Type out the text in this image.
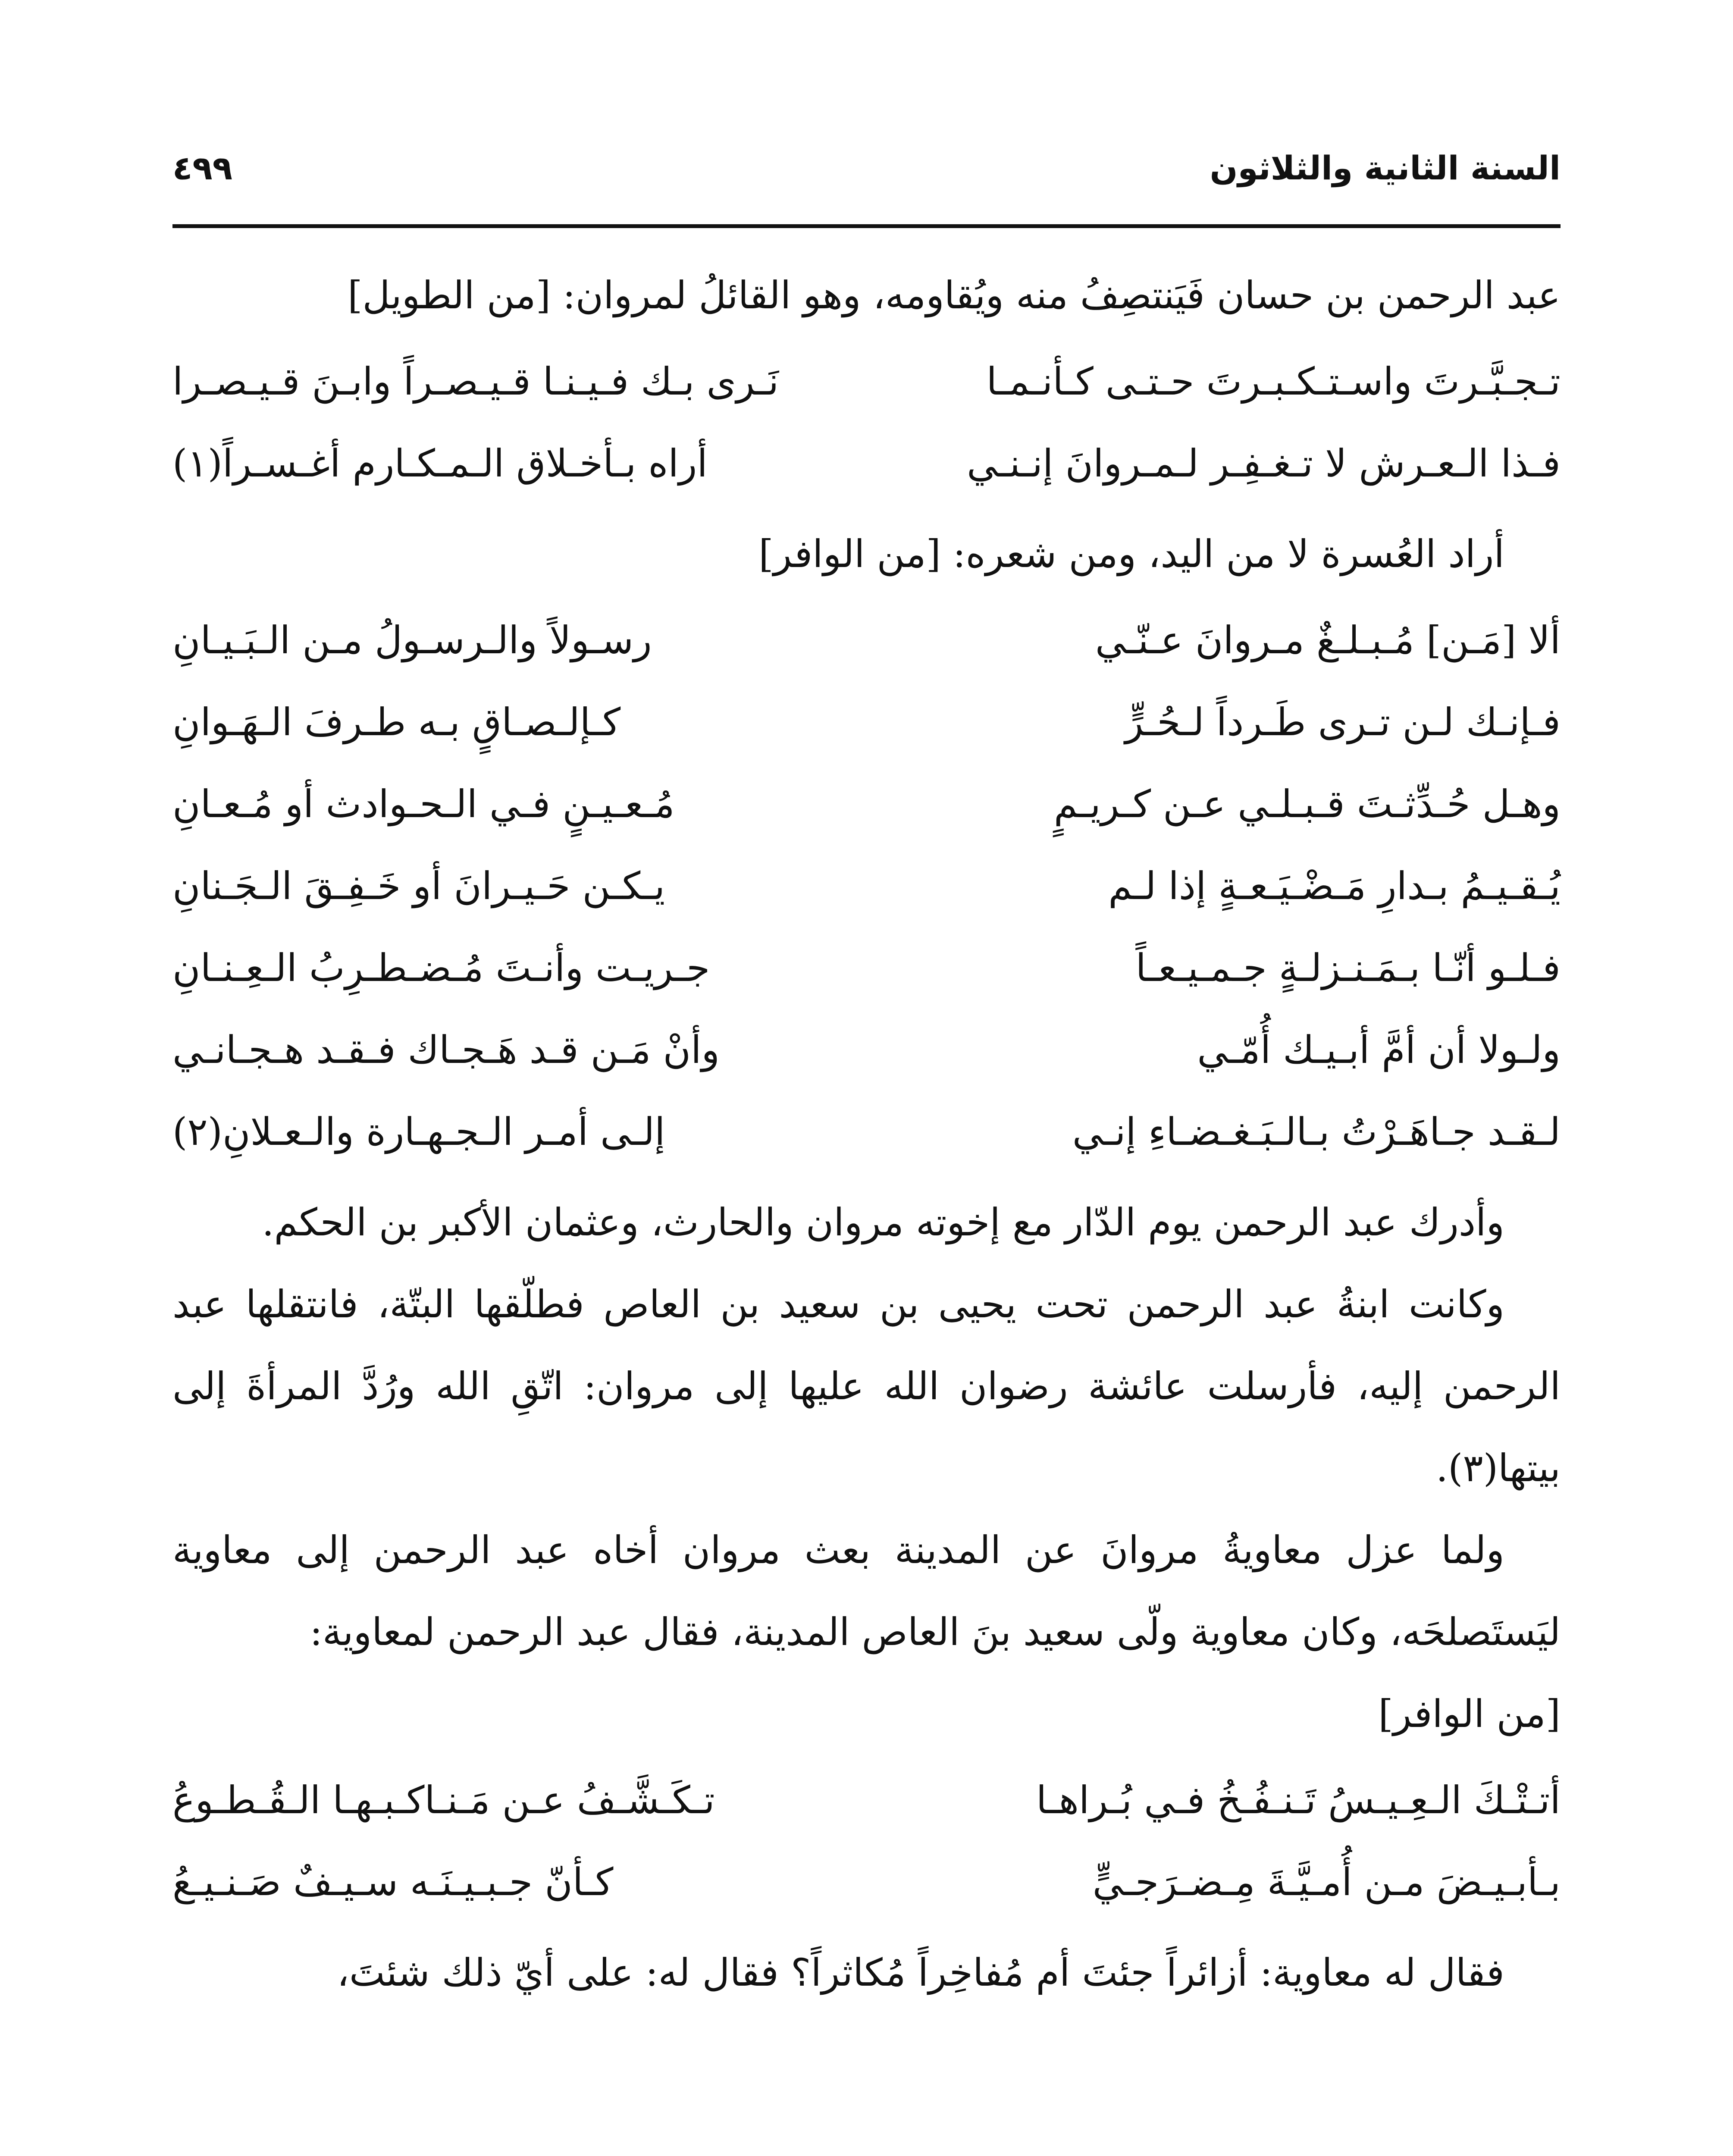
السنة الثانية والثلاثون
٤٩٩

عبد الرحمن بن حسان فَيَنتصِفُ منه ويُقاومه، وهو القائلُ لمروان: [من الطويل]

تـجـبَّـرتَ واسـتـكـبـرتَ حـتـى كـأنـمـا
نَـرى بـك فـيـنـا قـيـصـراً وابـنَ قـيـصـرا
فـذا الـعـرش لا تـغـفِـر لـمـروانَ إنـنـي
أراه بـأخـلاق الـمـكـارم أغـسـراً(١)

أراد العُسرة لا من اليد، ومن شعره: [من الوافر]

ألا [مَـن] مُـبـلـغٌ مـروانَ عـنّـي
رسـولاً والـرسـولُ مـن الـبَـيـانِ
فـإنـك لـن تـرى طَـرداً لـحُـرٍّ
كـإلـصـاقٍ بـه طـرفَ الـهَـوانِ
وهـل حُـدِّثـتَ قـبـلـي عـن كـريـمٍ
مُـعـيـنٍ فـي الـحـوادث أو مُـعـانِ
يُـقـيـمُ بـدارِ مَـضْـيَـعـةٍ إذا لـم
يـكـن حَـيـرانَ أو خَـفِـقَ الـجَـنانِ
فـلـو أنّـا بـمَـنـزلـةٍ جـمـيـعـاً
جـريـت وأنـتَ مُـضـطـرِبُ الـعِـنـانِ
ولـولا أن أمَّ أبـيـك أُمّـي
وأنْ مَـن قـد هَـجـاك فـقـد هـجـانـي
لـقـد جـاهَـرْتُ بـالـبَـغـضـاءِ إنـي
إلـى أمـر الـجـهـارة والـعـلانِ(٢)

وأدرك عبد الرحمن يوم الدّار مع إخوته مروان والحارث، وعثمان الأكبر بن الحكم.

وكانت ابنةُ عبد الرحمن تحت يحيى بن سعيد بن العاص فطلّقها البتّة، فانتقلها عبد الرحمن إليه، فأرسلت عائشة رضوان الله عليها إلى مروان: اتّقِ الله ورُدَّ المرأةَ إلى بيتها(٣).

ولما عزل معاويةُ مروانَ عن المدينة بعث مروان أخاه عبد الرحمن إلى معاوية ليَستَصلحَه، وكان معاوية ولّى سعيد بنَ العاص المدينة، فقال عبد الرحمن لمعاوية:

[من الوافر]

أتـتْـكَ الـعِـيـسُ تَـنـفُـخُ فـي بُـراهـا
تـكَـشَّـفُ عـن مَـنـاكـبـهـا الـقُـطـوعُ
بـأبـيـضَ مـن أُمـيَّـةَ مِـضـرَجـيٍّ
كـأنّ جـبـيـنَـه سـيـفٌ صَـنـيـعُ

فقال له معاوية: أزائراً جئتَ أم مُفاخِراً مُكاثراً؟ فقال له: على أيّ ذلك شئتَ،
